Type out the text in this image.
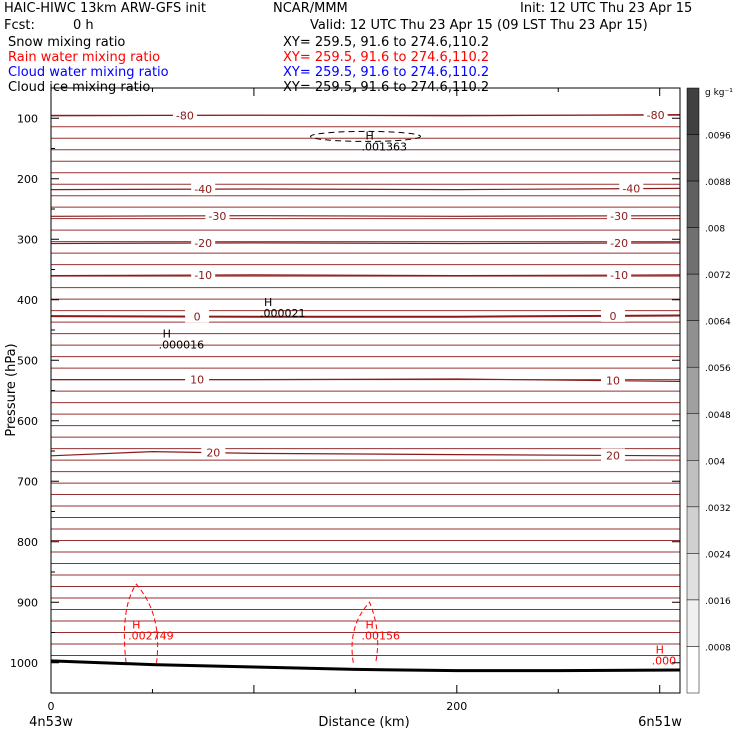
HAIC-HIWC 13km ARW-GFS init	NCAR/MMM	Init: 12 UTC Thu 23 Apr 15
Fcst:	0 h	Valid: 12 UTC Thu 23 Apr 15 (09 LST Thu 23 Apr 15)
Snow mixing ratio	XY= 259.5, 91.6 to 274.6,110.2
Rain water mixing ratio	XY= 259.5, 91.6 to 274.6,110.2
Cloud water mixing ratio	XY= 259.5, 91.6 to 274.6,110.2
Cloud ice mixing ratio	XY= 259.5, 91.6 to 274.6,110.2
-80	-80
-40	-40
-30	-30
-20	-20
-10	-10
0	0
10	10
20	20
H
.001363
H
.000021
H
.000016
H
.002749
H
.00156
H
.000
100
200
300
400
500
600
700
800
900
1000
0	200
.0008
.0016
.0024
.0032
.004
.0048
.0056
.0064
.0072
.008
.0088
.0096
g kg⁻¹
Distance (km)
Pressure (hPa)
4n53w	6n51w
